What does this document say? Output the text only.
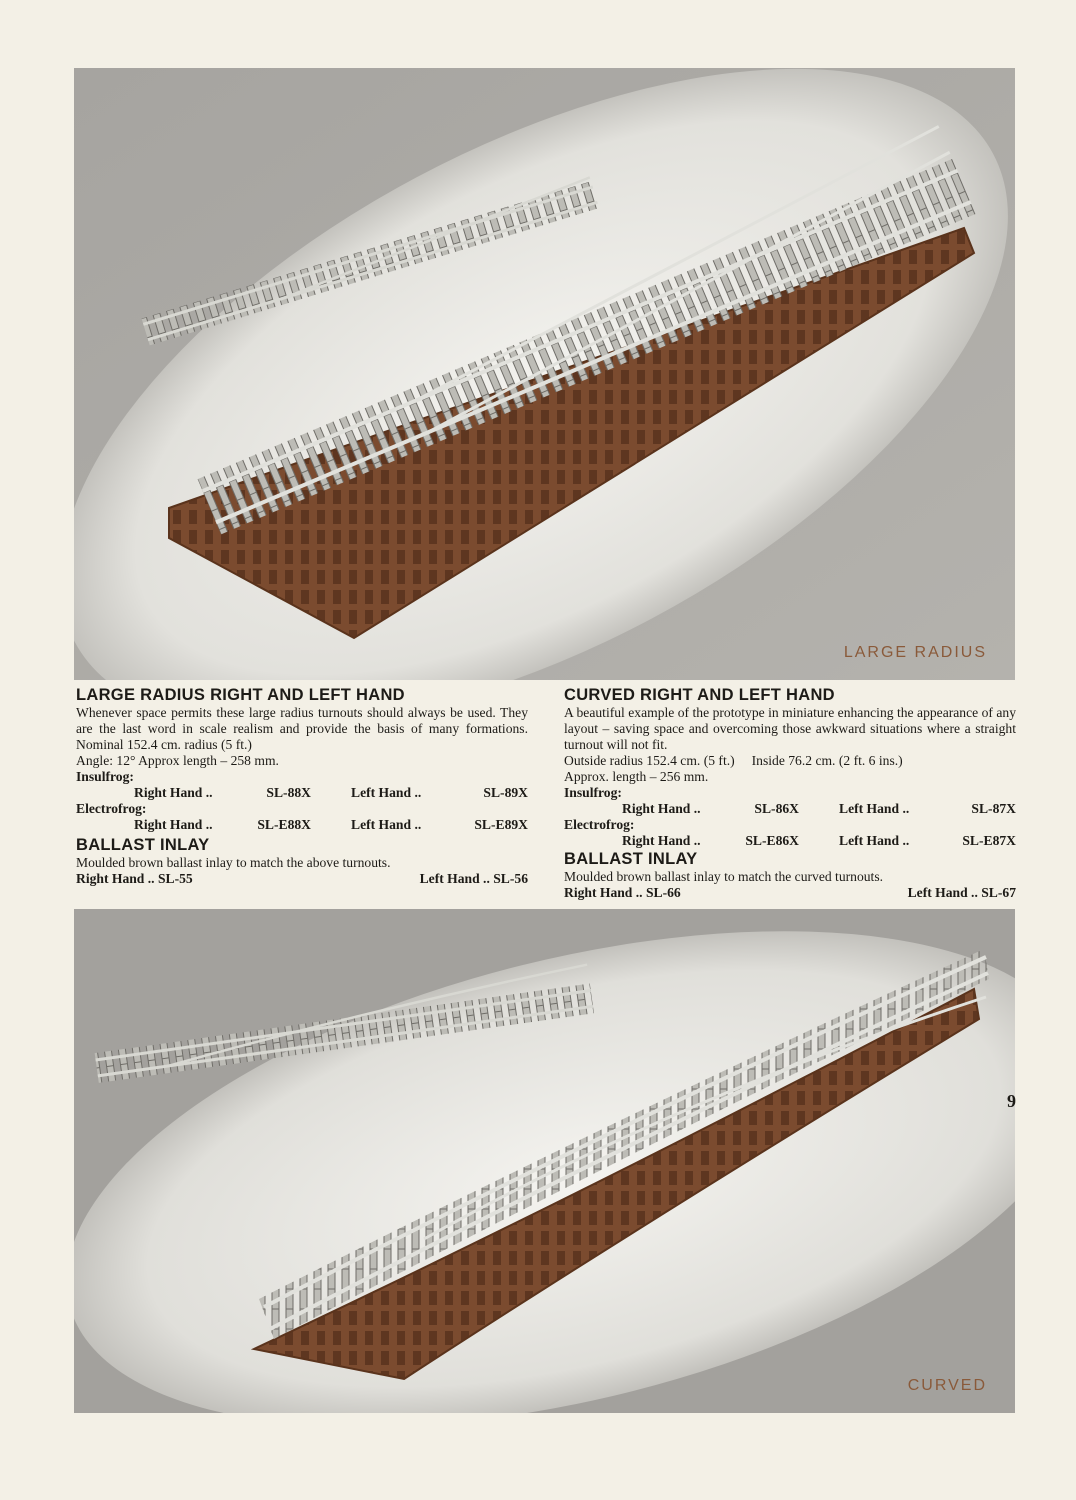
LARGE RADIUS
LARGE RADIUS RIGHT AND LEFT HAND

Whenever space permits these large radius turnouts should always be used. They are the last word in scale realism and provide the basis of many formations. Nominal 152.4 cm. radius (5 ft.)

Angle: 12° Approx length – 258 mm.

Insulfrog:
Right Hand ..	SL-88X	Left Hand ..	SL-89X
Electrofrog:
Right Hand ..	SL-E88X	Left Hand ..	SL-E89X
BALLAST INLAY

Moulded brown ballast inlay to match the above turnouts.

Right Hand .. SL-55	Left Hand .. SL-56
CURVED RIGHT AND LEFT HAND

A beautiful example of the prototype in miniature enhancing the appearance of any layout – saving space and overcoming those awkward situations where a straight turnout will not fit.

Outside radius 152.4 cm. (5 ft.)     Inside 76.2 cm. (2 ft. 6 ins.)

Approx. length – 256 mm.

Insulfrog:
Right Hand ..	SL-86X	Left Hand ..	SL-87X
Electrofrog:
Right Hand ..	SL-E86X	Left Hand ..	SL-E87X
BALLAST INLAY

Moulded brown ballast inlay to match the curved turnouts.

Right Hand .. SL-66	Left Hand .. SL-67
CURVED
9
